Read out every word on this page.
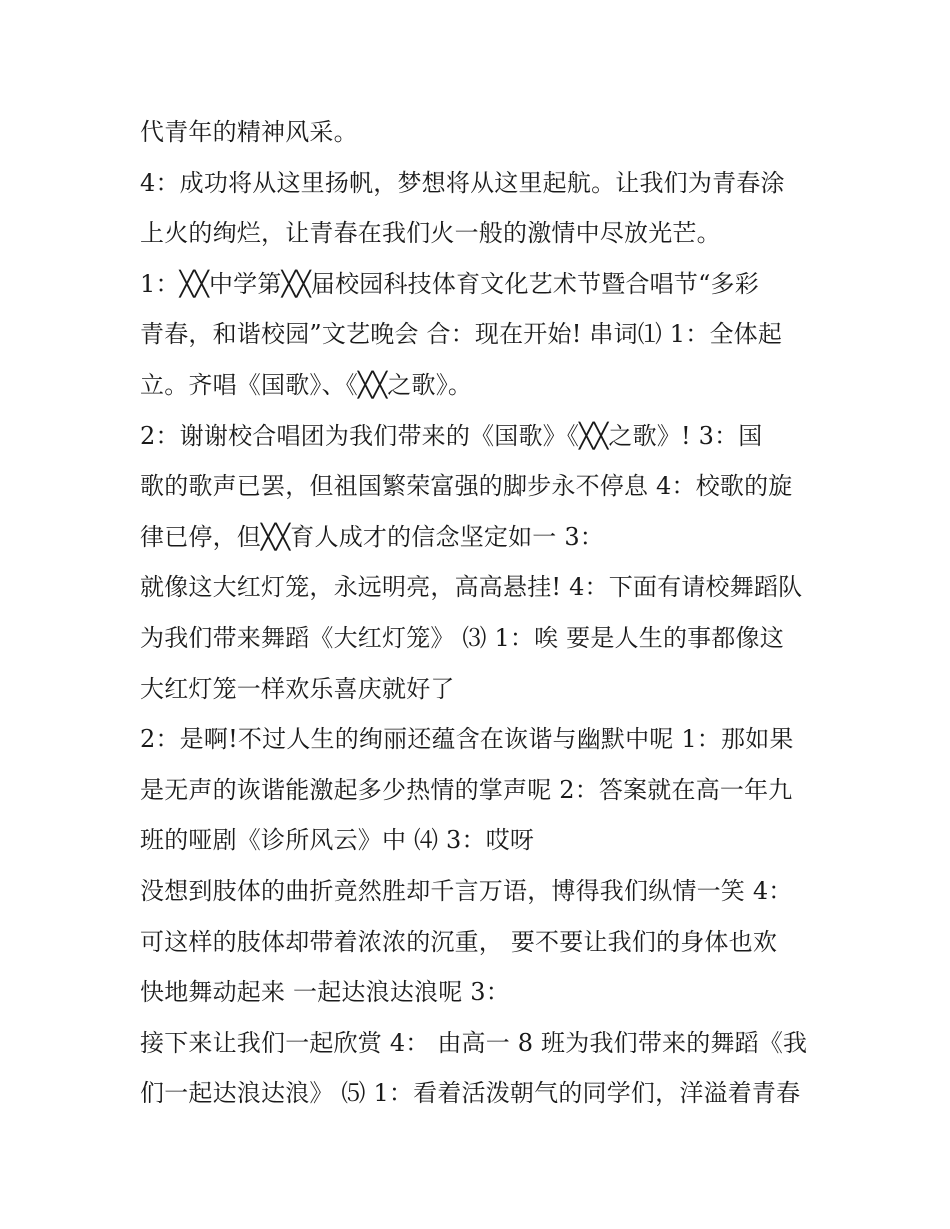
代青年的精神风采。
4：成功将从这里扬帆，梦想将从这里起航。让我们为青春涂
上火的绚烂，让青春在我们火一般的激情中尽放光芒。
1：╳╳中学第╳╳届校园科技体育文化艺术节暨合唱节“多彩
青春，和谐校园”文艺晚会 合：现在开始! 串词⑴ 1：全体起
立。齐唱《国歌》、《╳╳之歌》。
2：谢谢校合唱团为我们带来的《国歌》《╳╳之歌》! 3：国
歌的歌声已罢，但祖国繁荣富强的脚步永不停息 4：校歌的旋
律已停，但╳╳育人成才的信念坚定如一 3：
就像这大红灯笼，永远明亮，高高悬挂! 4：下面有请校舞蹈队
为我们带来舞蹈《大红灯笼》 ⑶ 1：唉 要是人生的事都像这
大红灯笼一样欢乐喜庆就好了
2：是啊!不过人生的绚丽还蕴含在诙谐与幽默中呢 1：那如果
是无声的诙谐能激起多少热情的掌声呢 2：答案就在高一年九
班的哑剧《诊所风云》中 ⑷ 3：哎呀
没想到肢体的曲折竟然胜却千言万语，博得我们纵情一笑 4：
可这样的肢体却带着浓浓的沉重， 要不要让我们的身体也欢
快地舞动起来 一起达浪达浪呢 3：
接下来让我们一起欣赏 4： 由高一 8 班为我们带来的舞蹈《我
们一起达浪达浪》 ⑸ 1：看着活泼朝气的同学们，洋溢着青春
